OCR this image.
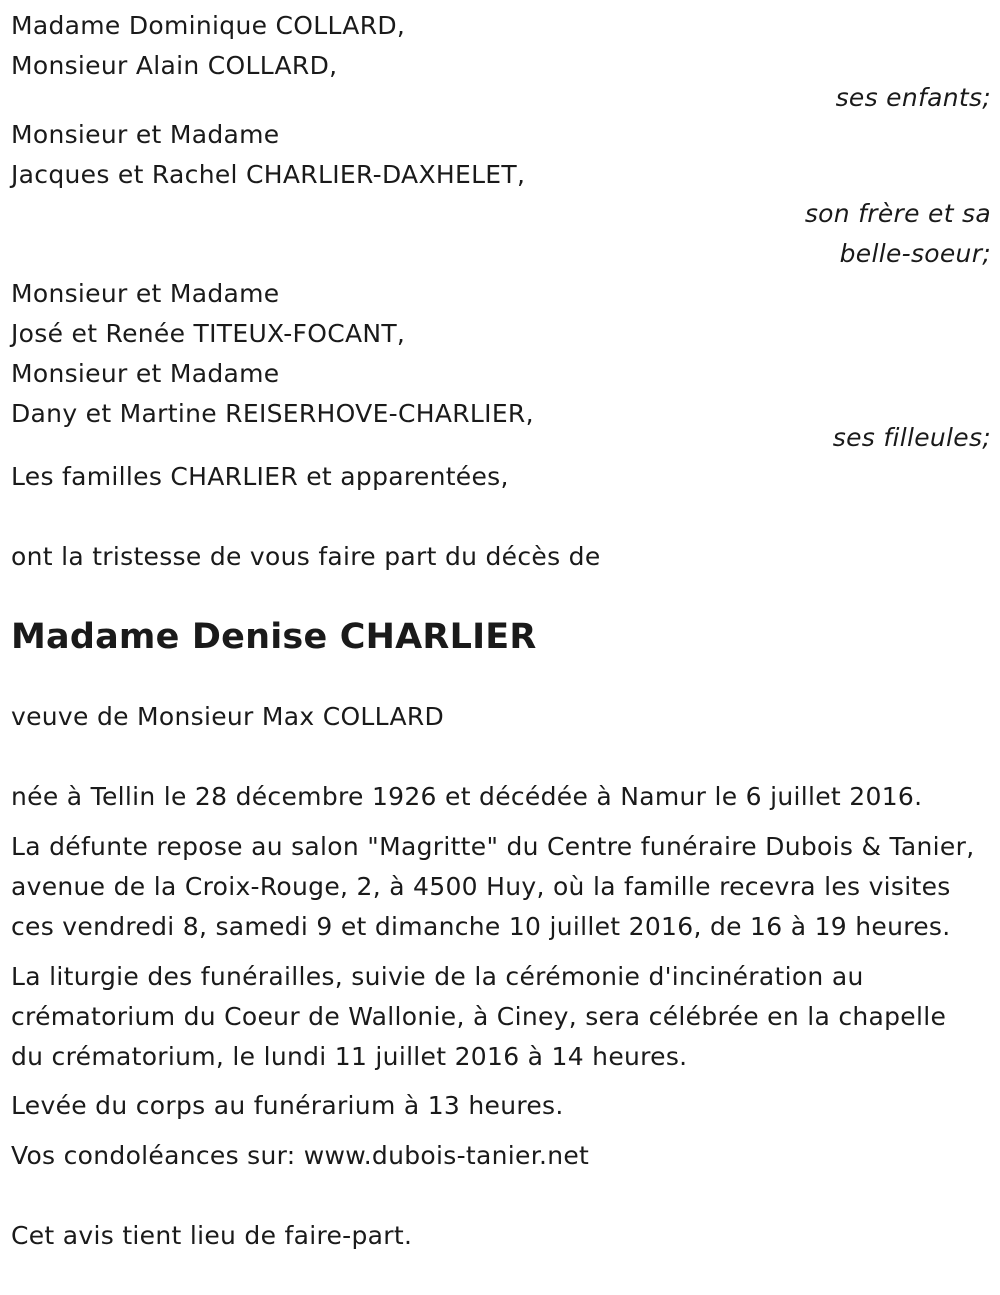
Madame Dominique COLLARD,
Monsieur Alain COLLARD,
ses enfants;
Monsieur et Madame
Jacques et Rachel CHARLIER-DAXHELET,
son frère et sa
belle-soeur;
Monsieur et Madame
José et Renée TITEUX-FOCANT,
Monsieur et Madame
Dany et Martine REISERHOVE-CHARLIER,
ses filleules;
Les familles CHARLIER et apparentées,
ont la tristesse de vous faire part du décès de
Madame Denise CHARLIER
veuve de Monsieur Max COLLARD
née à Tellin le 28 décembre 1926 et décédée à Namur le 6 juillet 2016.
La défunte repose au salon "Magritte" du Centre funéraire Dubois & Tanier, avenue de la Croix-Rouge, 2, à 4500 Huy, où la famille recevra les visites ces vendredi 8, samedi 9 et dimanche 10 juillet 2016, de 16 à 19 heures.
La liturgie des funérailles, suivie de la cérémonie d'incinération au crématorium du Coeur de Wallonie, à Ciney, sera célébrée en la chapelle du crématorium, le lundi 11 juillet 2016 à 14 heures.
Levée du corps au funérarium à 13 heures.
Vos condoléances sur: www.dubois-tanier.net
Cet avis tient lieu de faire-part.
